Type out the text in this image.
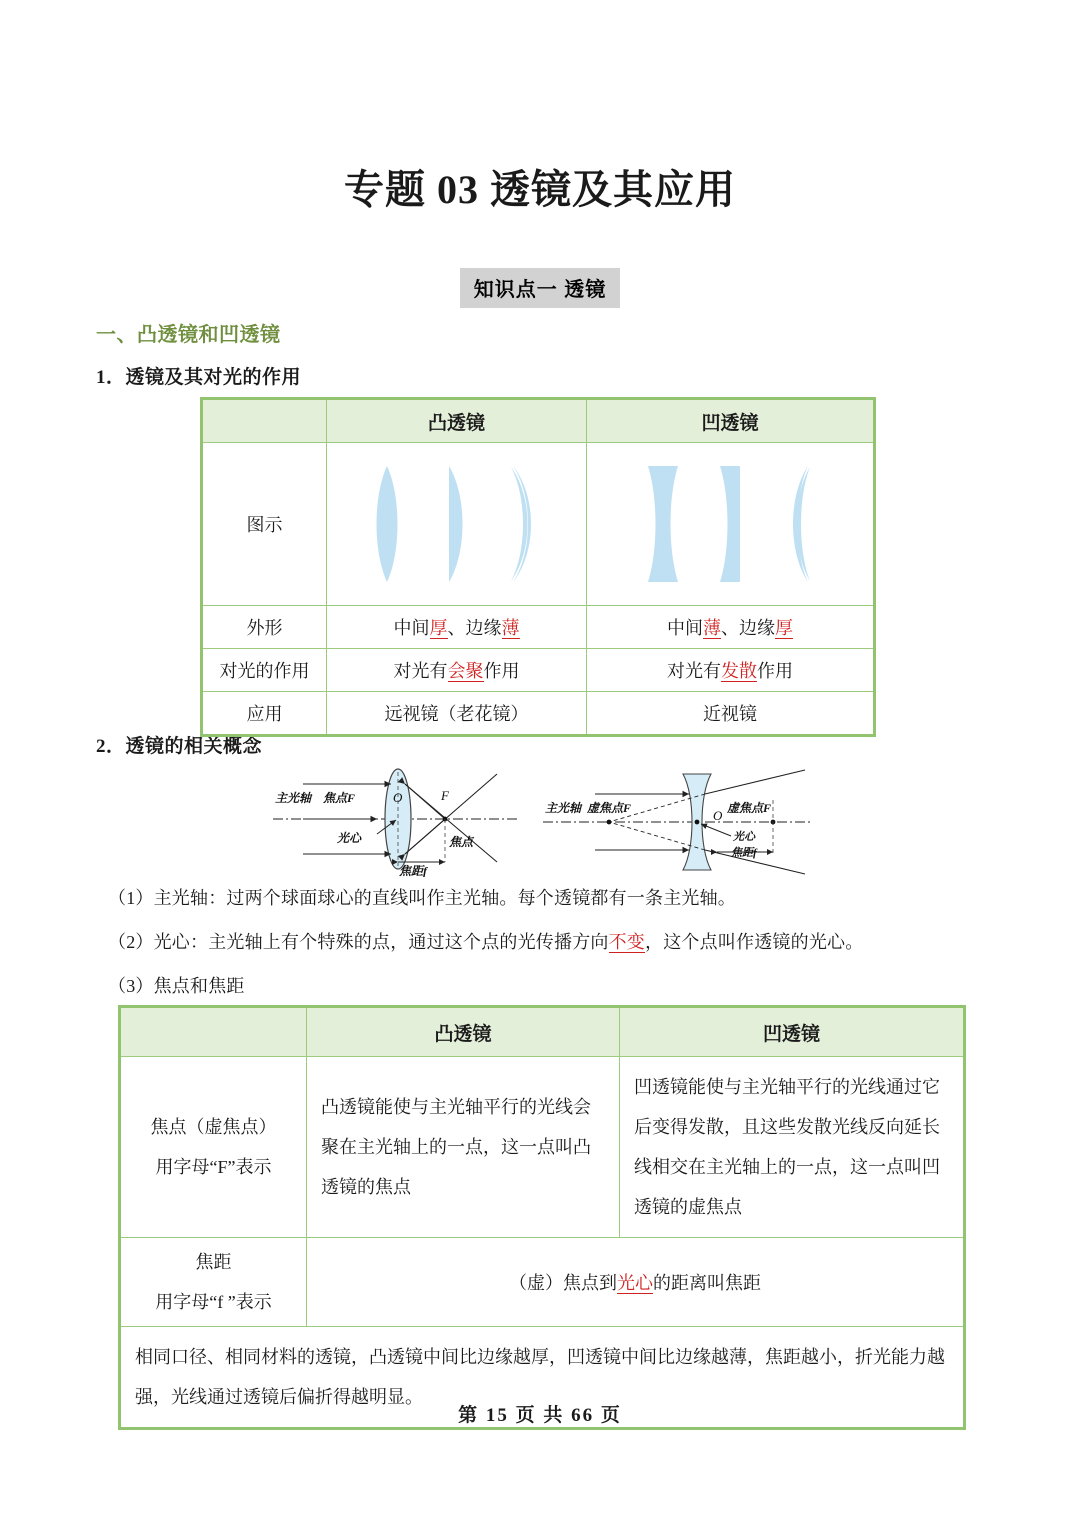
专题 03 透镜及其应用
知识点一 透镜
一、凸透镜和凹透镜
1．透镜及其对光的作用
2．透镜的相关概念
	凸透镜	凹透镜
图示	

外形	中间厚、边缘薄	中间薄、边缘厚
对光的作用	对光有会聚作用	对光有发散作用
应用	远视镜（老花镜）	近视镜
主光轴 焦点F
光心
O	F
焦点
焦距f
主光轴 虚焦点F	虚焦点F
光心
O
焦距f
（1）主光轴：过两个球面球心的直线叫作主光轴。每个透镜都有一条主光轴。
（2）光心：主光轴上有个特殊的点，通过这个点的光传播方向不变，这个点叫作透镜的光心。
（3）焦点和焦距
	凸透镜	凹透镜

焦点（虚焦点）
用字母“F”表示	凸透镜能使与主光轴平行的光线会聚在主光轴上的一点，这一点叫凸透镜的焦点	凹透镜能使与主光轴平行的光线通过它后变得发散，且这些发散光线反向延长线相交在主光轴上的一点，这一点叫凹透镜的虚焦点

焦距
用字母“f ”表示	（虚）焦点到光心的距离叫焦距	
相同口径、相同材料的透镜，凸透镜中间比边缘越厚，凹透镜中间比边缘越薄，焦距越小，折光能力越强，光线通过透镜后偏折得越明显。		
第 15 页 共 66 页
